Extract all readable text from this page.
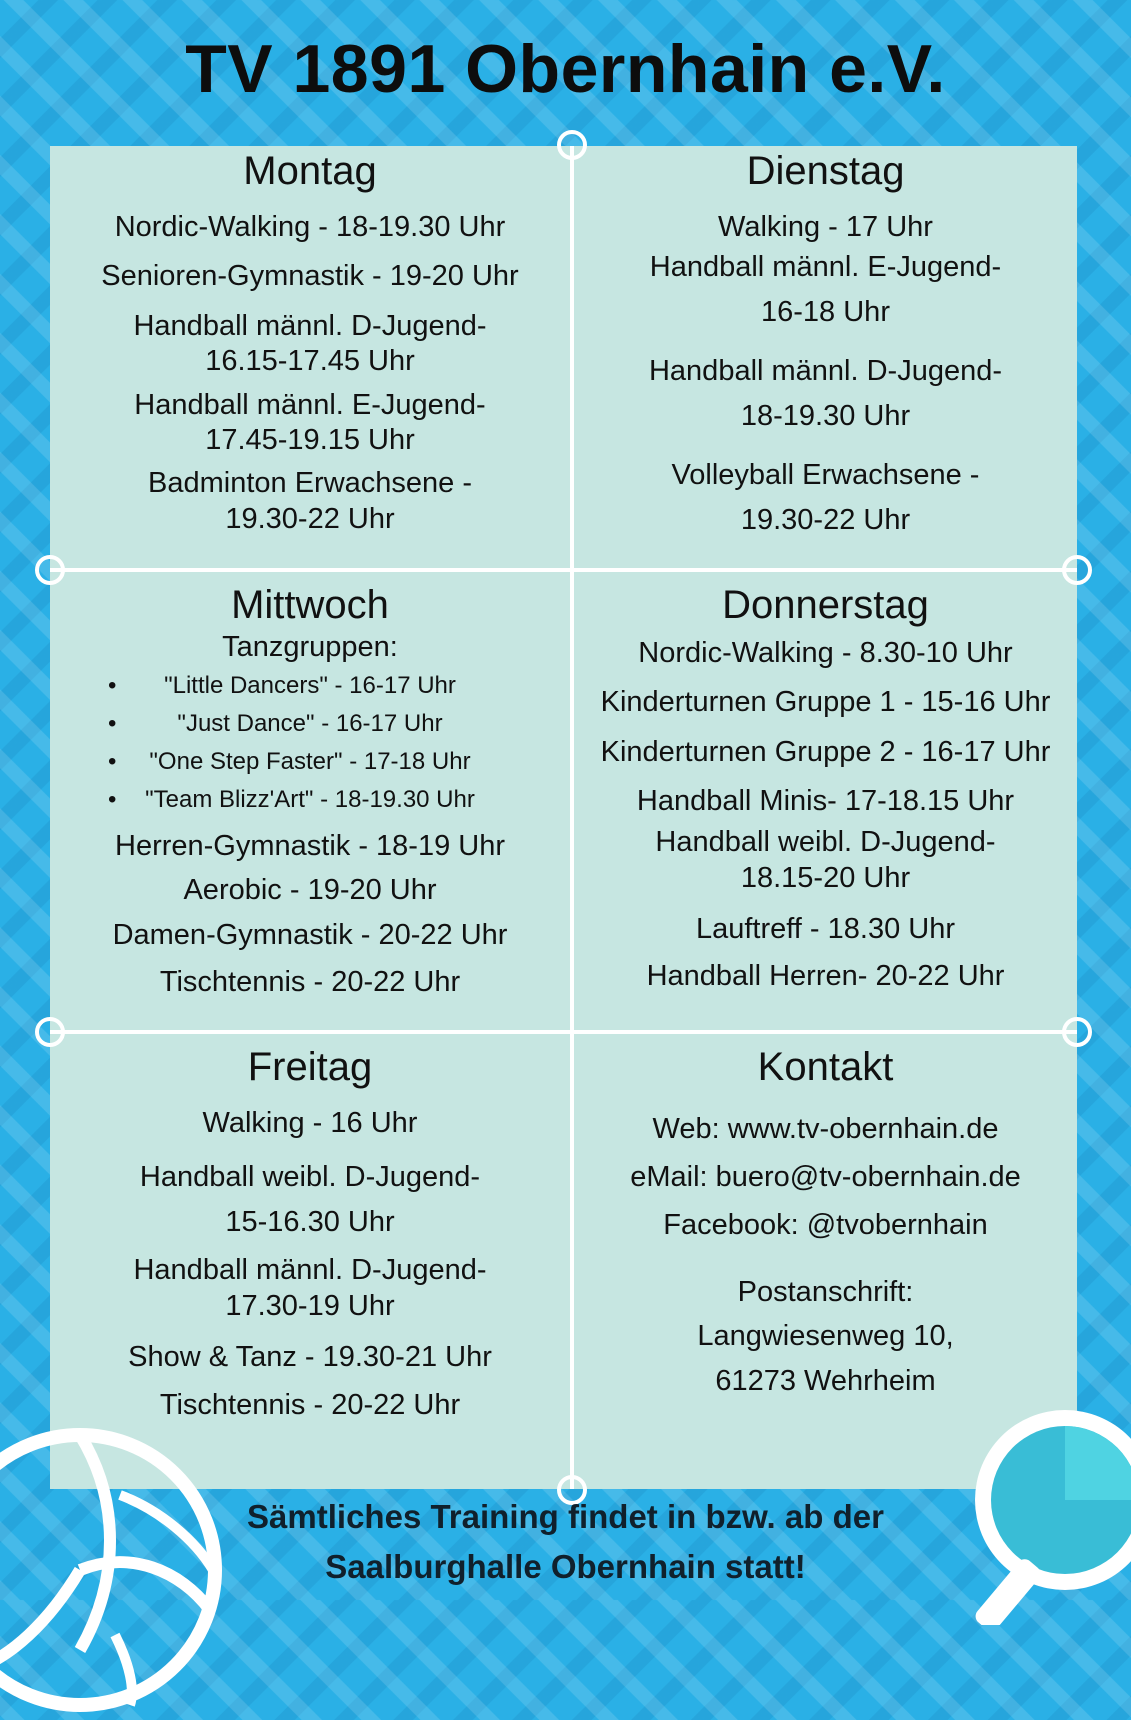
TV 1891 Obernhain e.V.
Montag
Nordic-Walking - 18-19.30 Uhr
Senioren-Gymnastik - 19-20 Uhr
Handball männl. D-Jugend-
16.15-17.45 Uhr
Handball männl. E-Jugend-
17.45-19.15 Uhr
Badminton Erwachsene -
19.30-22 Uhr
Dienstag
Walking - 17 Uhr
Handball männl. E-Jugend-
16-18 Uhr
Handball männl. D-Jugend-
18-19.30 Uhr
Volleyball Erwachsene -
19.30-22 Uhr
Mittwoch
Tanzgruppen:
• "Little Dancers" - 16-17 Uhr
•	"Just Dance" - 16-17 Uhr
• "One Step Faster" - 17-18 Uhr
• "Team Blizz'Art" - 18-19.30 Uhr
Herren-Gymnastik - 18-19 Uhr
Aerobic - 19-20 Uhr
Damen-Gymnastik - 20-22 Uhr
Tischtennis - 20-22 Uhr
Donnerstag
Nordic-Walking - 8.30-10 Uhr
Kinderturnen Gruppe 1 - 15-16 Uhr
Kinderturnen Gruppe 2 - 16-17 Uhr
Handball Minis- 17-18.15 Uhr
Handball weibl. D-Jugend-
18.15-20 Uhr
Lauftreff - 18.30 Uhr
Handball Herren- 20-22 Uhr
Freitag
Walking - 16 Uhr
Handball weibl. D-Jugend-
15-16.30 Uhr
Handball männl. D-Jugend-
17.30-19 Uhr
Show & Tanz - 19.30-21 Uhr
Tischtennis - 20-22 Uhr
Kontakt
Web: www.tv-obernhain.de
eMail: buero@tv-obernhain.de
Facebook: @tvobernhain
Postanschrift:
Langwiesenweg 10,
61273 Wehrheim
Sämtliches Training findet in bzw. ab der
Saalburghalle Obernhain statt!
